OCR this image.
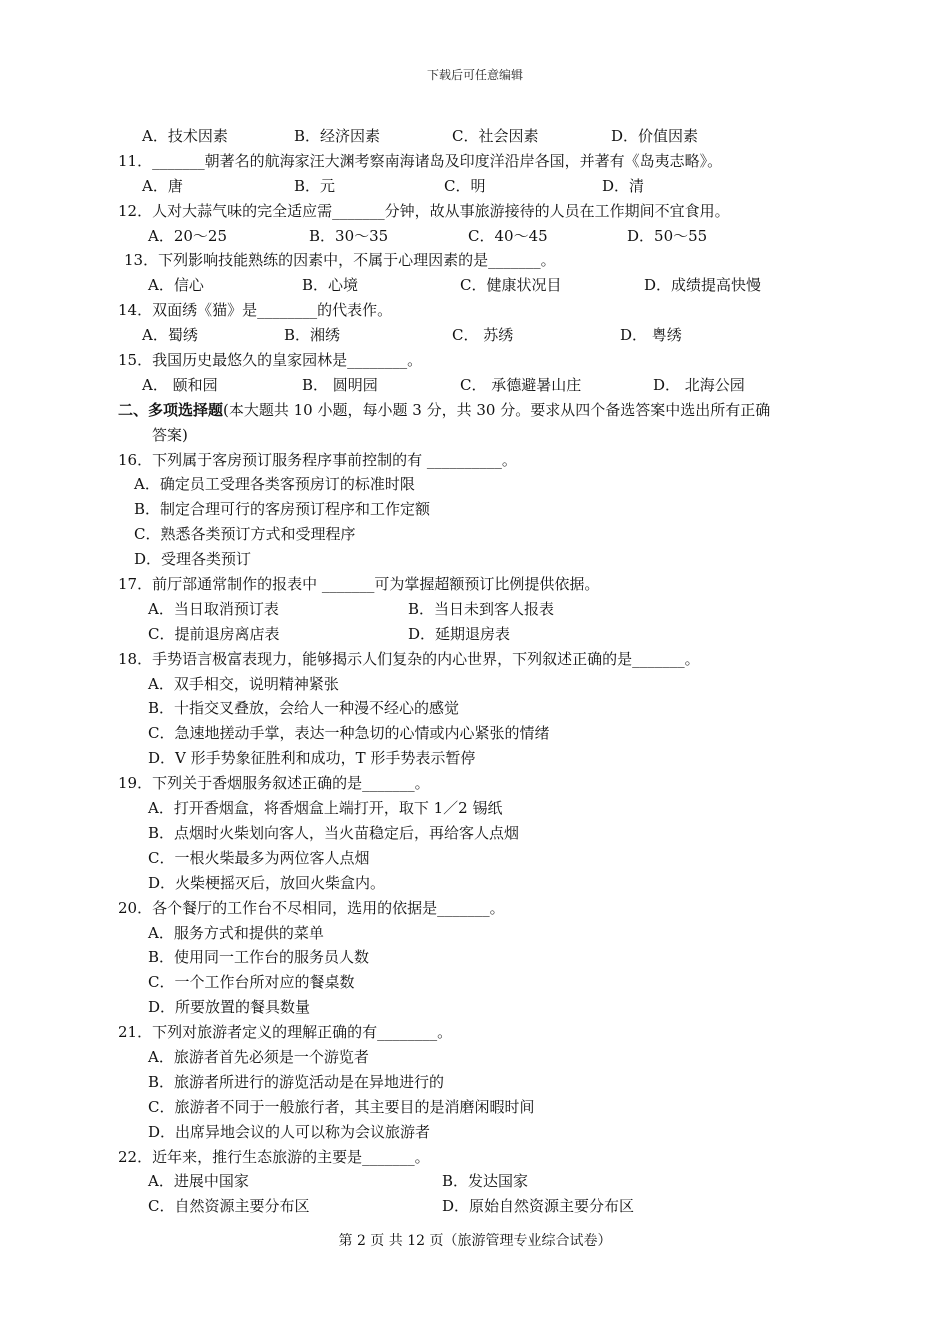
下载后可任意编辑
A．技术因素	B．经济因素	C．社会因素	D．价值因素
11．_______朝著名的航海家汪大渊考察南海诸岛及印度洋沿岸各国，并著有《岛夷志略》。
A．唐	B．元	C．明	D．清
12．人对大蒜气味的完全适应需_______分钟，故从事旅游接待的人员在工作期间不宜食用。
A．20～25	B．30～35	C．40～45	D．50～55
13．下列影响技能熟练的因素中，不属于心理因素的是_______。
A．信心	B．心境	C．健康状况目	D．成绩提高快慢
14．双面绣《猫》是________的代表作。
A．蜀绣	B．湘绣	C． 苏绣	D． 粤绣
15．我国历史最悠久的皇家园林是________。
A． 颐和园	B． 圆明园	C． 承德避暑山庄	D． 北海公园
二、多项选择题(本大题共 10 小题，每小题 3 分，共 30 分。要求从四个备选答案中选出所有正确
答案)
16．下列属于客房预订服务程序事前控制的有 __________。
A．确定员工受理各类客预房订的标准时限
B．制定合理可行的客房预订程序和工作定额
C．熟悉各类预订方式和受理程序
D．受理各类预订
17．前厅部通常制作的报表中 _______可为掌握超额预订比例提供依据。
A．当日取消预订表	B．当日未到客人报表
C．提前退房离店表	D．延期退房表
18．手势语言极富表现力，能够揭示人们复杂的内心世界，下列叙述正确的是_______。
A．双手相交，说明精神紧张
B．十指交叉叠放，会给人一种漫不经心的感觉
C．急速地搓动手掌，表达一种急切的心情或内心紧张的情绪
D．V 形手势象征胜利和成功，T 形手势表示暂停
19．下列关于香烟服务叙述正确的是_______。
A．打开香烟盒，将香烟盒上端打开，取下 1／2 锡纸
B．点烟时火柴划向客人，当火苗稳定后，再给客人点烟
C．一根火柴最多为两位客人点烟
D．火柴梗摇灭后，放回火柴盒内。
20．各个餐厅的工作台不尽相同，选用的依据是_______。
A．服务方式和提供的菜单
B．使用同一工作台的服务员人数
C．一个工作台所对应的餐桌数
D．所要放置的餐具数量
21．下列对旅游者定义的理解正确的有________。
A．旅游者首先必须是一个游览者
B．旅游者所进行的游览活动是在异地进行的
C．旅游者不同于一般旅行者，其主要目的是消磨闲暇时间
D．出席异地会议的人可以称为会议旅游者
22．近年来，推行生态旅游的主要是_______。
A．进展中国家	B．发达国家
C．自然资源主要分布区	D．原始自然资源主要分布区
第 2 页 共 12 页（旅游管理专业综合试卷）
